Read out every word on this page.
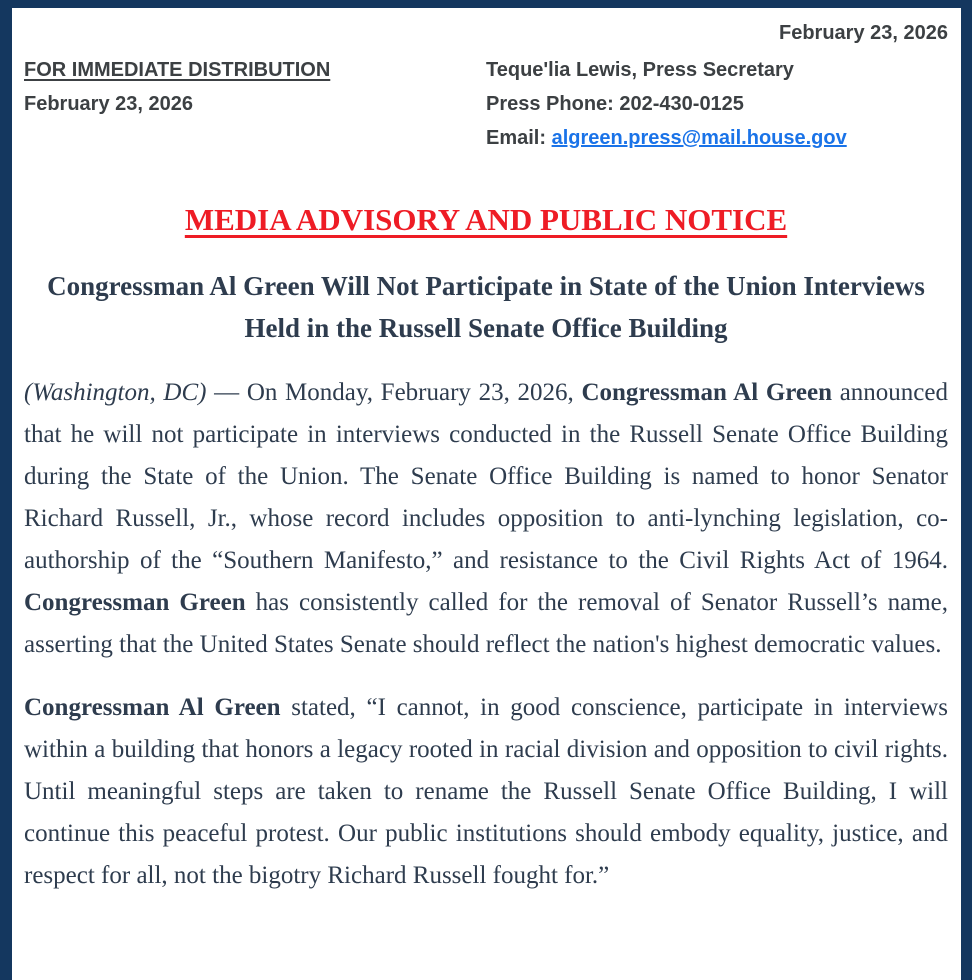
February 23, 2026
FOR IMMEDIATE DISTRIBUTION
February 23, 2026
Teque'lia Lewis, Press Secretary
Press Phone: 202-430-0125
Email: algreen.press@mail.house.gov
MEDIA ADVISORY AND PUBLIC NOTICE
Congressman Al Green Will Not Participate in State of the Union Interviews
Held in the Russell Senate Office Building

(Washington, DC) — On Monday, February 23, 2026, Congressman Al Green announced that he will not participate in interviews conducted in the Russell Senate Office Building during the State of the Union. The Senate Office Building is named to honor Senator Richard Russell, Jr., whose record includes opposition to anti-lynching legislation, co-authorship of the “Southern Manifesto,” and resistance to the Civil Rights Act of 1964. Congressman Green has consistently called for the removal of Senator Russell’s name, asserting that the United States Senate should reflect the nation's highest democratic values.

Congressman Al Green stated, “I cannot, in good conscience, participate in interviews within a building that honors a legacy rooted in racial division and opposition to civil rights. Until meaningful steps are taken to rename the Russell Senate Office Building, I will continue this peaceful protest. Our public institutions should embody equality, justice, and respect for all, not the bigotry Richard Russell fought for.”
